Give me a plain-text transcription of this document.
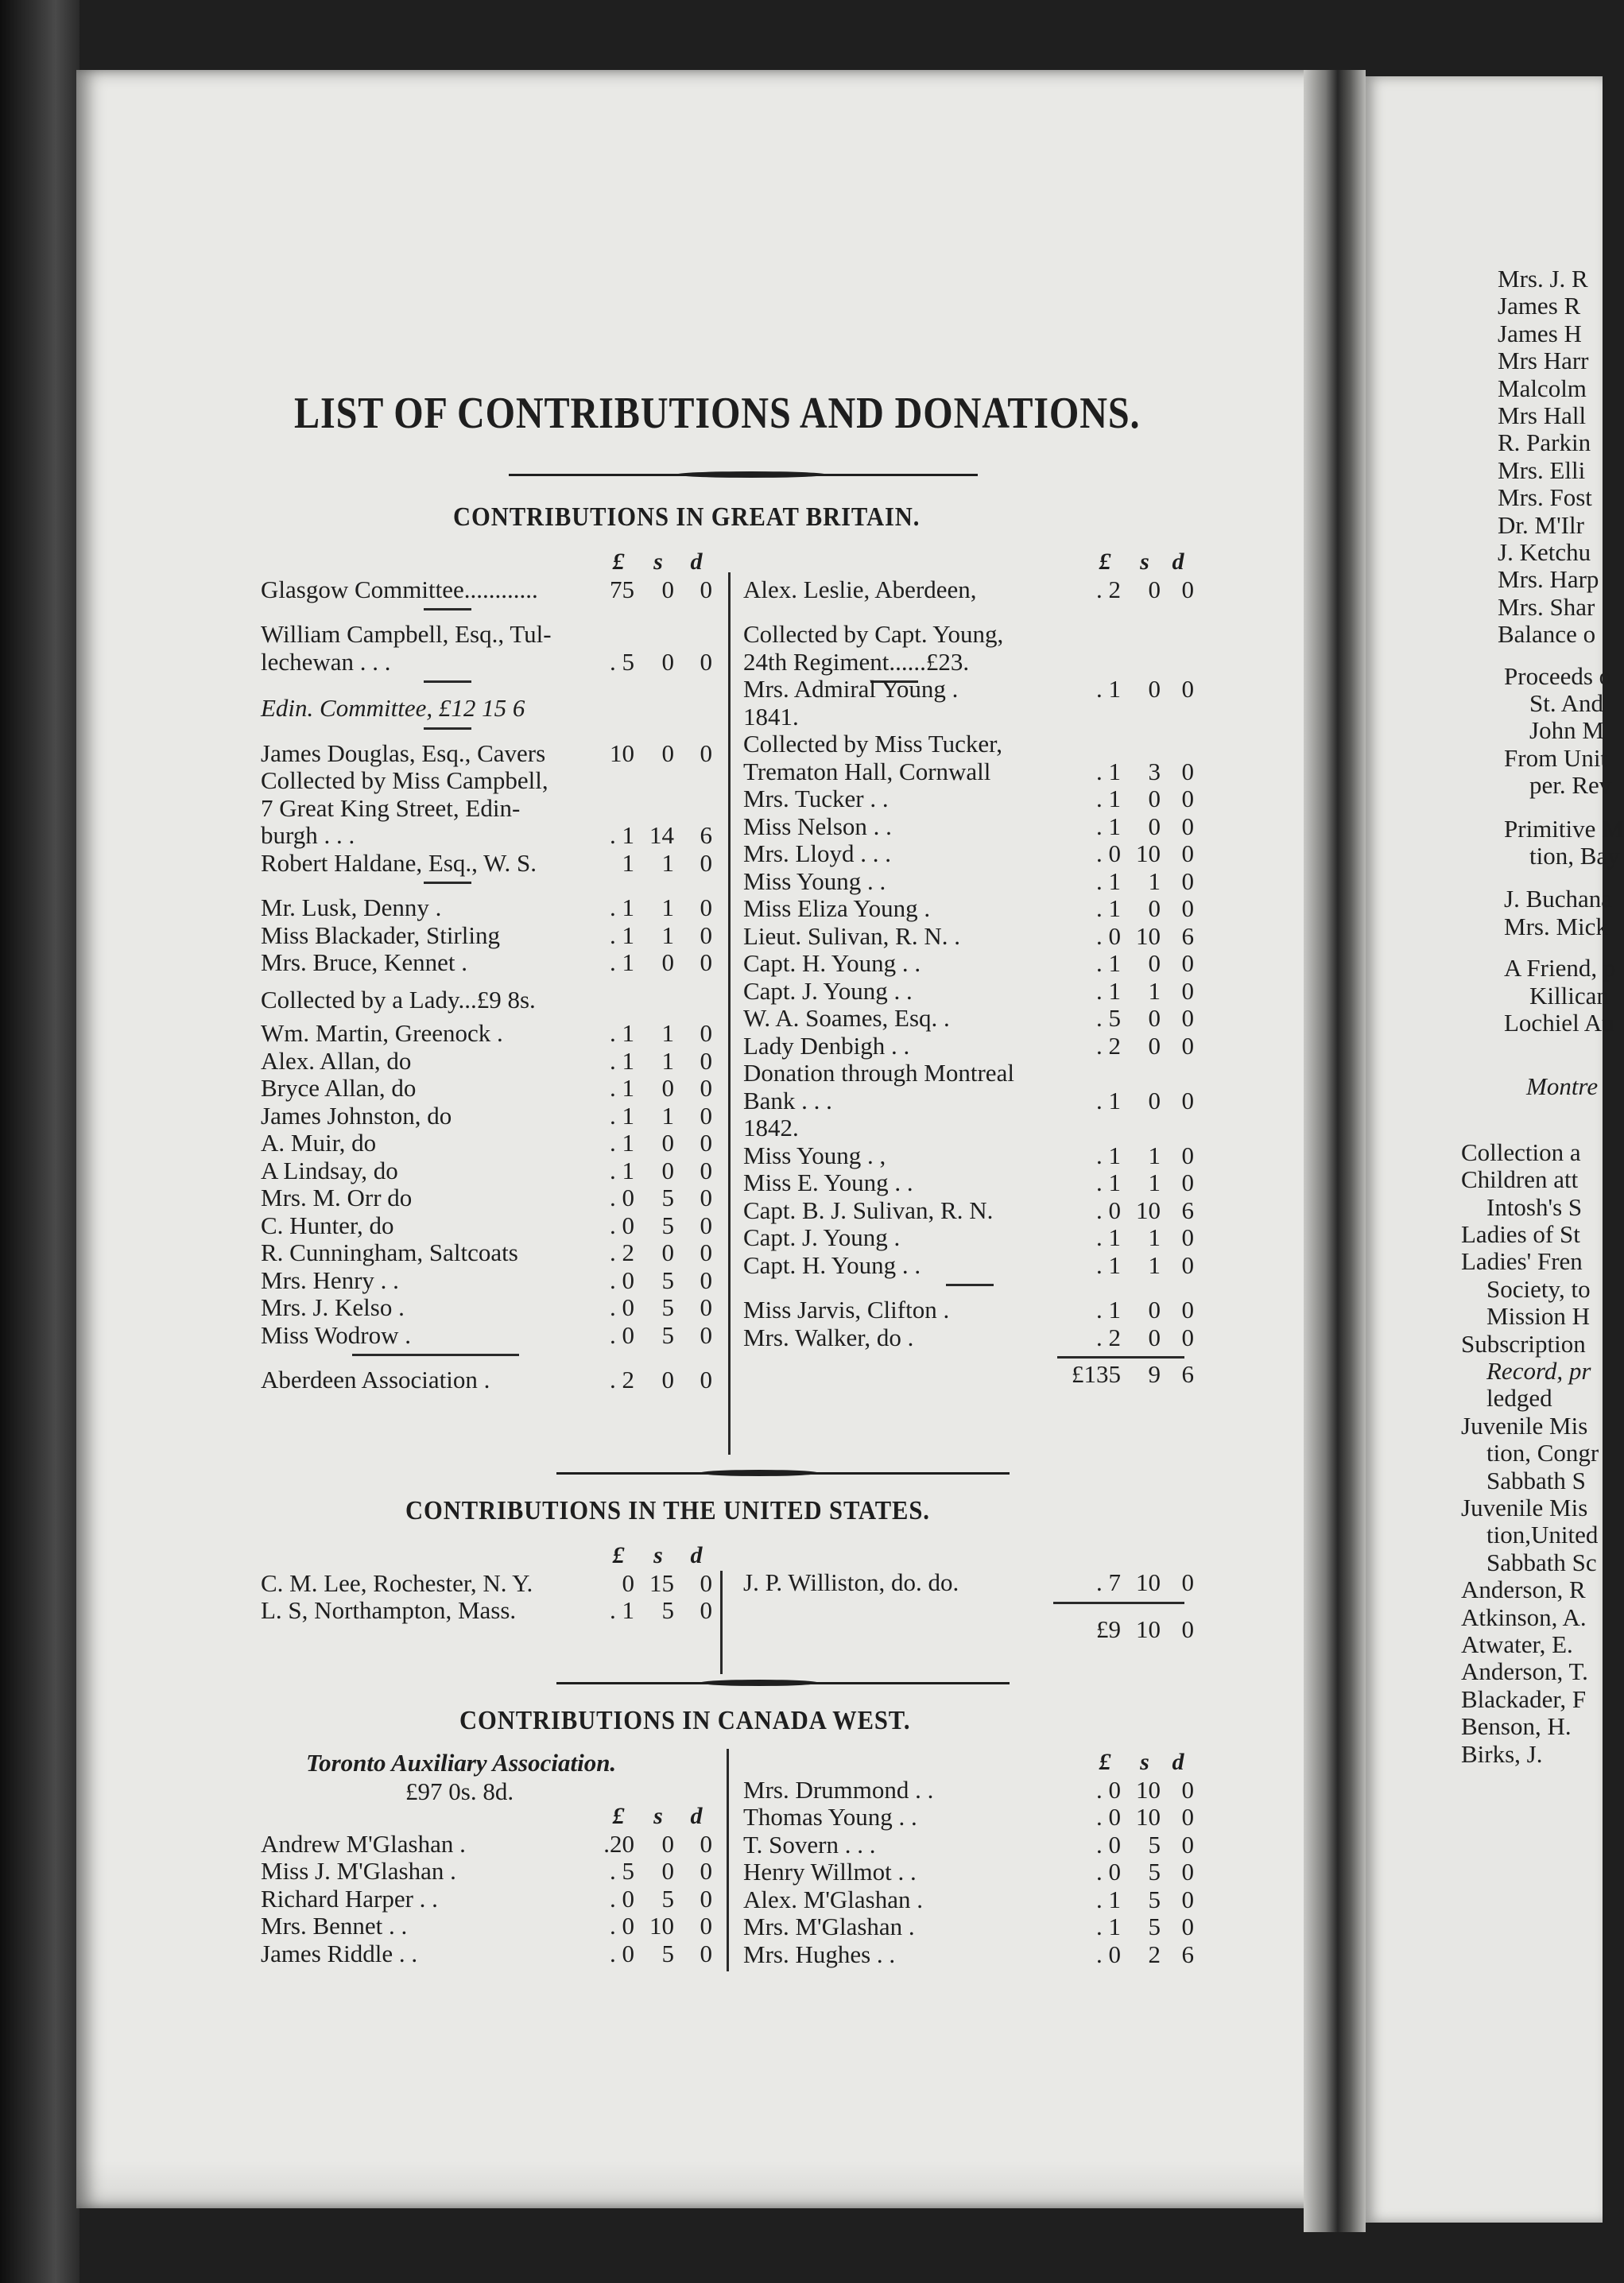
Mrs. J. R
James R
James H
Mrs Harr
Malcolm
Mrs Hall
R. Parkin
Mrs. Elli
Mrs. Fost
Dr. M'Ilr
J. Ketchu
Mrs. Harp
Mrs. Shar
Balance o
Proceeds o
St. And
John M
From Unit
per. Rev
Primitive M
tion, Bay
J. Buchana
Mrs. Mick
A Friend, p
Killican
Lochiel Au
Montre
Collection a
Children att
Intosh's S
Ladies of St
Ladies' Fren
Society, to
Mission H
Subscription
Record, pr
ledged
Juvenile Mis
tion, Congr
Sabbath S
Juvenile Mis
tion,United
Sabbath Sc
Anderson, R
Atkinson, A.
Atwater, E.
Anderson, T.
Blackader, F
Benson, H.
Birks, J.
LIST OF CONTRIBUTIONS AND DONATIONS.
CONTRIBUTIONS IN GREAT BRITAIN.
£	s	d
Glasgow Committee............	75	0	0
William Campbell, Esq., Tul-
lechewan . . .	. 5	0	0
Edin. Committee, £12 15 6
James Douglas, Esq., Cavers	10	0	0
Collected by Miss Campbell,
7 Great King Street, Edin-
burgh . . .	. 1 14	6
Robert Haldane, Esq., W. S.	1	1	0
Mr. Lusk, Denny .	. 1	1	0
Miss Blackader, Stirling	. 1	1	0
Mrs. Bruce, Kennet .	. 1	0	0
Collected by a Lady...£9 8s.
Wm. Martin, Greenock .	. 1	1	0
Alex. Allan, do	. 1	1	0
Bryce Allan, do	. 1	0	0
James Johnston, do	. 1	1	0
A. Muir, do	. 1	0	0
A Lindsay, do	. 1	0	0
Mrs. M. Orr do	. 0	5	0
C. Hunter, do	. 0	5	0
R. Cunningham, Saltcoats	. 2	0	0
Mrs. Henry . .	. 0	5	0
Mrs. J. Kelso .	. 0	5	0
Miss Wodrow .	. 0	5	0
Aberdeen Association .	. 2	0	0
£	s d
Alex. Leslie, Aberdeen,	. 2	0 0
Collected by Capt. Young,
24th Regiment......£23.
Mrs. Admiral Young .	. 1	0 0
1841.
Collected by Miss Tucker,
Trematon Hall, Cornwall	. 1	3 0
Mrs. Tucker . .	. 1	0 0
Miss Nelson . .	. 1	0 0
Mrs. Lloyd . . .	. 0 10 0
Miss Young . .	. 1	1 0
Miss Eliza Young .	. 1	0 0
Lieut. Sulivan, R. N. .	. 0 10 6
Capt. H. Young . .	. 1	0 0
Capt. J. Young . .	. 1	1 0
W. A. Soames, Esq. .	. 5	0 0
Lady Denbigh . .	. 2	0 0
Donation through Montreal
Bank . . .	. 1	0 0
1842.
Miss Young . ,	. 1	1 0
Miss E. Young . .	. 1	1 0
Capt. B. J. Sulivan, R. N.	. 0 10 6
Capt. J. Young .	. 1	1 0
Capt. H. Young . .	. 1	1 0
Miss Jarvis, Clifton .	. 1	0 0
Mrs. Walker, do .	. 2	0 0
£135	9 6
CONTRIBUTIONS IN THE UNITED STATES.
£	s	d
C. M. Lee, Rochester, N. Y.	0 15	0
L. S, Northampton, Mass.	. 1	5	0
J. P. Williston, do. do.	. 7 10 0
£9 10 0
CONTRIBUTIONS IN CANADA WEST.
Toronto Auxiliary Association.
£97 0s. 8d.
£	s	d
Andrew M'Glashan .	.20	0	0
Miss J. M'Glashan .	. 5	0	0
Richard Harper . .	. 0	5	0
Mrs. Bennet . .	. 0 10	0
James Riddle . .	. 0	5	0
£	s d
Mrs. Drummond . .	. 0 10 0
Thomas Young . .	. 0 10 0
T. Sovern . . .	. 0	5 0
Henry Willmot . .	. 0	5 0
Alex. M'Glashan .	. 1	5 0
Mrs. M'Glashan .	. 1	5 0
Mrs. Hughes . .	. 0	2 6
